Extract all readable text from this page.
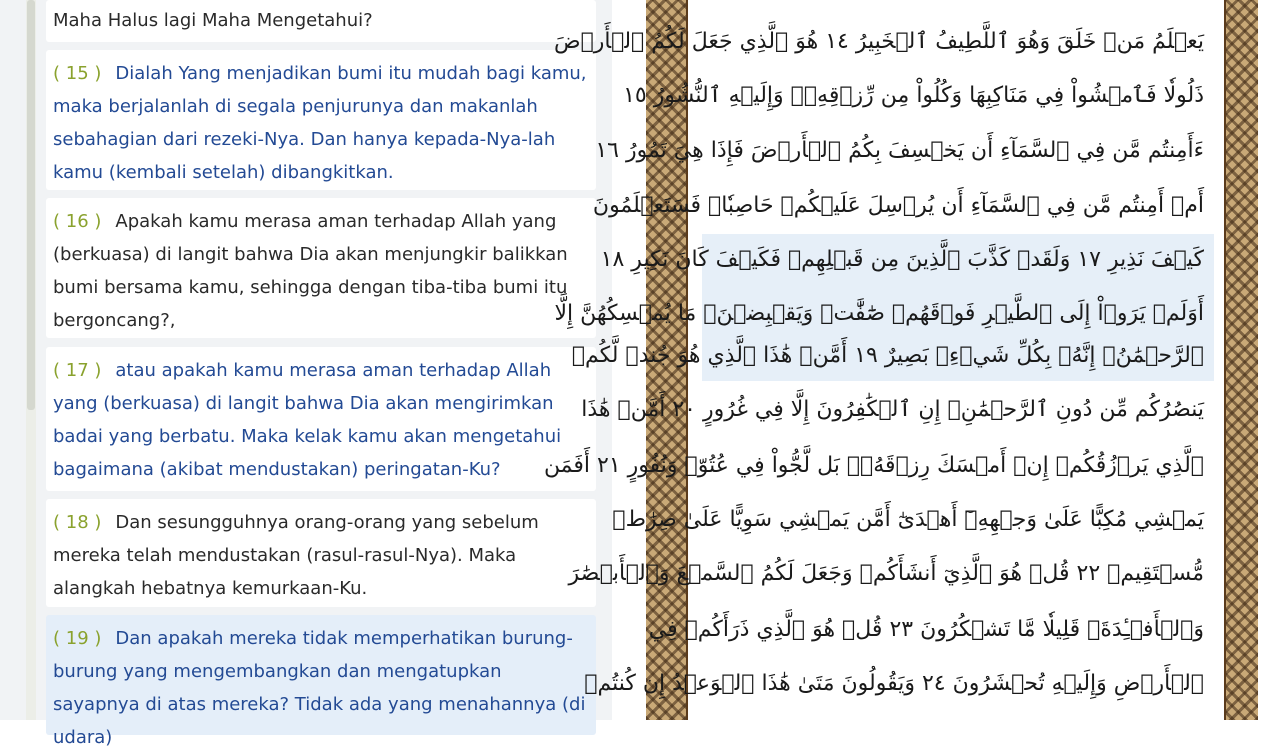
Maha Halus lagi Maha Mengetahui?
( 15 ) Dialah Yang menjadikan bumi itu mudah bagi kamu, maka berjalanlah di segala penjurunya dan makanlah sebahagian dari rezeki-Nya. Dan hanya kepada-Nya-lah kamu (kembali setelah) dibangkitkan.
( 16 ) Apakah kamu merasa aman terhadap Allah yang (berkuasa) di langit bahwa Dia akan menjungkir balikkan bumi bersama kamu, sehingga dengan tiba-tiba bumi itu bergoncang?,
( 17 ) atau apakah kamu merasa aman terhadap Allah yang (berkuasa) di langit bahwa Dia akan mengirimkan badai yang berbatu. Maka kelak kamu akan mengetahui bagaimana (akibat mendustakan) peringatan-Ku?
( 18 ) Dan sesungguhnya orang-orang yang sebelum mereka telah mendustakan (rasul-rasul-Nya). Maka alangkah hebatnya kemurkaan-Ku.
( 19 ) Dan apakah mereka tidak memperhatikan burung-burung yang mengembangkan dan mengatupkan sayapnya di atas mereka? Tidak ada yang menahannya (di udara)
يَعۡلَمُ مَنۡ خَلَقَ وَهُوَ ٱللَّطِيفُ ٱلۡخَبِيرُ ١٤ هُوَ ٱلَّذِي جَعَلَ لَكُمُ ٱلۡأَرۡضَ
ذَلُولٗا فَٱمۡشُواْ فِي مَنَاكِبِهَا وَكُلُواْ مِن رِّزۡقِهِۦۖ وَإِلَيۡهِ ٱلنُّشُورُ ١٥
ءَأَمِنتُم مَّن فِي ٱلسَّمَآءِ أَن يَخۡسِفَ بِكُمُ ٱلۡأَرۡضَ فَإِذَا هِيَ تَمُورُ ١٦
أَمۡ أَمِنتُم مَّن فِي ٱلسَّمَآءِ أَن يُرۡسِلَ عَلَيۡكُمۡ حَاصِبٗاۖ فَسَتَعۡلَمُونَ
كَيۡفَ نَذِيرِ ١٧ وَلَقَدۡ كَذَّبَ ٱلَّذِينَ مِن قَبۡلِهِمۡ فَكَيۡفَ كَانَ نَكِيرِ ١٨
أَوَلَمۡ يَرَوۡاْ إِلَى ٱلطَّيۡرِ فَوۡقَهُمۡ صَٰٓفَّٰتٖ وَيَقۡبِضۡنَۚ مَا يُمۡسِكُهُنَّ إِلَّا
ٱلرَّحۡمَٰنُۚ إِنَّهُۥ بِكُلِّ شَيۡءِۭ بَصِيرٌ ١٩ أَمَّنۡ هَٰذَا ٱلَّذِي هُوَ جُندٞ لَّكُمۡ
يَنصُرُكُم مِّن دُونِ ٱلرَّحۡمَٰنِۚ إِنِ ٱلۡكَٰفِرُونَ إِلَّا فِي غُرُورٍ ٢٠ أَمَّنۡ هَٰذَا
ٱلَّذِي يَرۡزُقُكُمۡ إِنۡ أَمۡسَكَ رِزۡقَهُۥۚ بَل لَّجُّواْ فِي عُتُوّٖ وَنُفُورٍ ٢١ أَفَمَن
يَمۡشِي مُكِبًّا عَلَىٰ وَجۡهِهِۦٓ أَهۡدَىٰٓ أَمَّن يَمۡشِي سَوِيًّا عَلَىٰ صِرَٰطٖ
مُّسۡتَقِيمٖ ٢٢ قُلۡ هُوَ ٱلَّذِيٓ أَنشَأَكُمۡ وَجَعَلَ لَكُمُ ٱلسَّمۡعَ وَٱلۡأَبۡصَٰرَ
وَٱلۡأَفۡـِٔدَةَۚ قَلِيلٗا مَّا تَشۡكُرُونَ ٢٣ قُلۡ هُوَ ٱلَّذِي ذَرَأَكُمۡ فِي
ٱلۡأَرۡضِ وَإِلَيۡهِ تُحۡشَرُونَ ٢٤ وَيَقُولُونَ مَتَىٰ هَٰذَا ٱلۡوَعۡدُ إِن كُنتُمۡ
